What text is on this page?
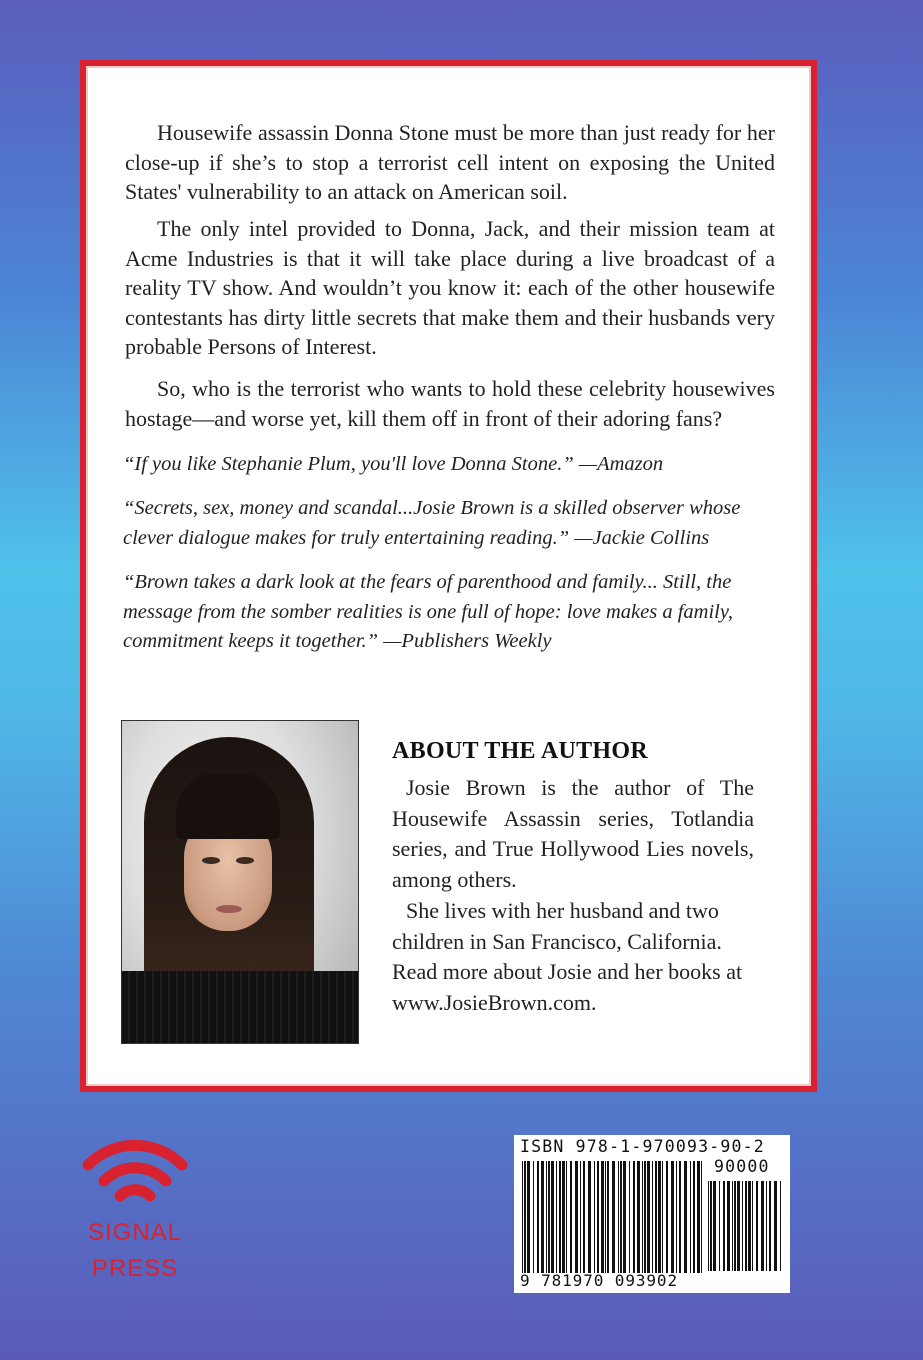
Housewife assassin Donna Stone must be more than just ready for her close-up if she’s to stop a terrorist cell intent on exposing the United States' vulnerability to an attack on American soil.

The only intel provided to Donna, Jack, and their mission team at Acme Industries is that it will take place during a live broadcast of a reality TV show. And wouldn’t you know it: each of the other housewife contestants has dirty little secrets that make them and their husbands very probable Persons of Interest.

So, who is the terrorist who wants to hold these celebrity housewives hostage—and worse yet, kill them off in front of their adoring fans?

“If you like Stephanie Plum, you'll love Donna Stone.” —Amazon

“Secrets, sex, money and scandal...Josie Brown is a skilled observer whose clever dialogue makes for truly entertaining reading.” —Jackie Collins

“Brown takes a dark look at the fears of parenthood and family... Still, the message from the somber realities is one full of hope: love makes a family, commitment keeps it together.” —Publishers Weekly

ABOUT THE AUTHOR

Josie Brown is the author of The Housewife Assassin series, Totlandia series, and True Hollywood Lies novels, among others.

She lives with her husband and two children in San Francisco, California. Read more about Josie and her books at www.JosieBrown.com.

SIGNAL
PRESS

ISBN 978-1-970093-90-2

90000

9 781970 093902
